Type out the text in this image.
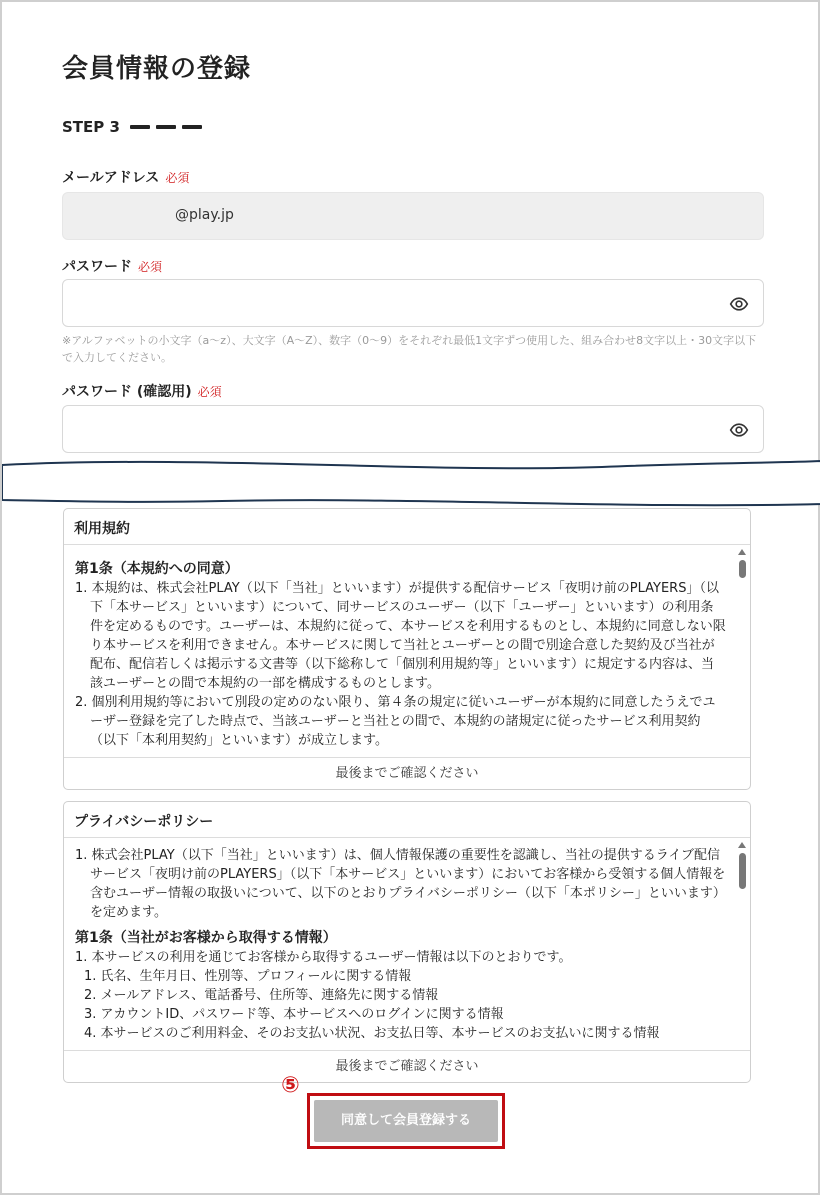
会員情報の登録
STEP 3
メールアドレス 必須
@play.jp
パスワード 必須
※アルファベットの小文字（a～z）、大文字（A～Z）、数字（0～9）をそれぞれ最低1文字ずつ使用した、組み合わせ8文字以上・30文字以下で入力してください。
パスワード (確認用) 必須
利用規約
第1条（本規約への同意）
1. 本規約は、株式会社PLAY（以下「当社」といいます）が提供する配信サービス「夜明け前のPLAYERS」（以下「本サービス」といいます）について、同サービスのユーザー（以下「ユーザー」といいます）の利用条件を定めるものです。ユーザーは、本規約に従って、本サービスを利用するものとし、本規約に同意しない限り本サービスを利用できません。本サービスに関して当社とユーザーとの間で別途合意した契約及び当社が配布、配信若しくは掲示する文書等（以下総称して「個別利用規約等」といいます）に規定する内容は、当該ユーザーとの間で本規約の一部を構成するものとします。
2. 個別利用規約等において別段の定めのない限り、第４条の規定に従いユーザーが本規約に同意したうえでユーザー登録を完了した時点で、当該ユーザーと当社との間で、本規約の諸規定に従ったサービス利用契約（以下「本利用契約」といいます）が成立します。
最後までご確認ください
プライバシーポリシー
1. 株式会社PLAY（以下「当社」といいます）は、個人情報保護の重要性を認識し、当社の提供するライブ配信サービス「夜明け前のPLAYERS」（以下「本サービス」といいます）においてお客様から受領する個人情報を含むユーザー情報の取扱いについて、以下のとおりプライバシーポリシー（以下「本ポリシー」といいます）を定めます。
第1条（当社がお客様から取得する情報）
1. 本サービスの利用を通じてお客様から取得するユーザー情報は以下のとおりです。
1. 氏名、生年月日、性別等、プロフィールに関する情報
2. メールアドレス、電話番号、住所等、連絡先に関する情報
3. アカウントID、パスワード等、本サービスへのログインに関する情報
4. 本サービスのご利用料金、そのお支払い状況、お支払日等、本サービスのお支払いに関する情報
最後までご確認ください
⑤
同意して会員登録する
